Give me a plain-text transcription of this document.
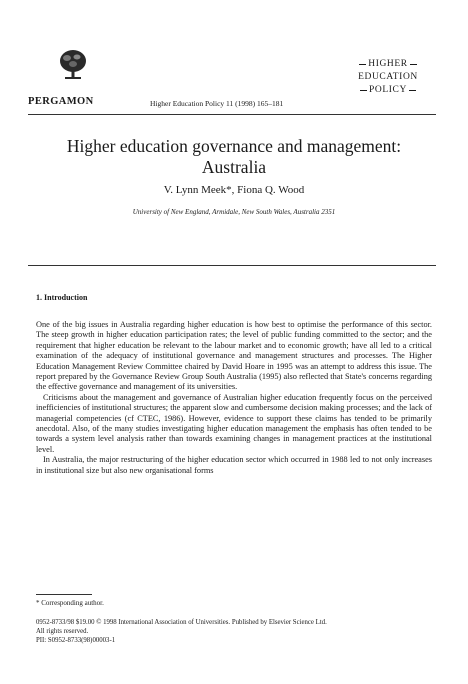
PERGAMON	Higher Education Policy 11 (1998) 165–181
HIGHER
EDUCATION
POLICY
Higher education governance and management: Australia
V. Lynn Meek*, Fiona Q. Wood
University of New England, Armidale, New South Wales, Australia 2351
1. Introduction

One of the big issues in Australia regarding higher education is how best to optimise the performance of this sector. The steep growth in higher education participation rates; the level of public funding committed to the sector; and the requirement that higher education be relevant to the labour market and to economic growth; have all led to a critical examination of the adequacy of institutional governance and management structures and processes. The Higher Education Management Review Committee chaired by David Hoare in 1995 was an attempt to address this issue. The report prepared by the Governance Review Group South Australia (1995) also reflected that State's concerns regarding the effective governance and management of its universities.

Criticisms about the management and governance of Australian higher education frequently focus on the perceived inefficiencies of institutional structures; the apparent slow and cumbersome decision making processes; and the lack of managerial competencies (cf CTEC, 1986). However, evidence to support these claims has tended to be primarily anecdotal. Also, of the many studies investigating higher education management the emphasis has often tended to be towards a system level analysis rather than towards examining changes in management practices at the institutional level.

In Australia, the major restructuring of the higher education sector which occurred in 1988 led to not only increases in institutional size but also new organisational forms

* Corresponding author.
0952-8733/98 $19.00 © 1998 International Association of Universities. Published by Elsevier Science Ltd.
All rights reserved.
PII: S0952-8733(98)00003-1
